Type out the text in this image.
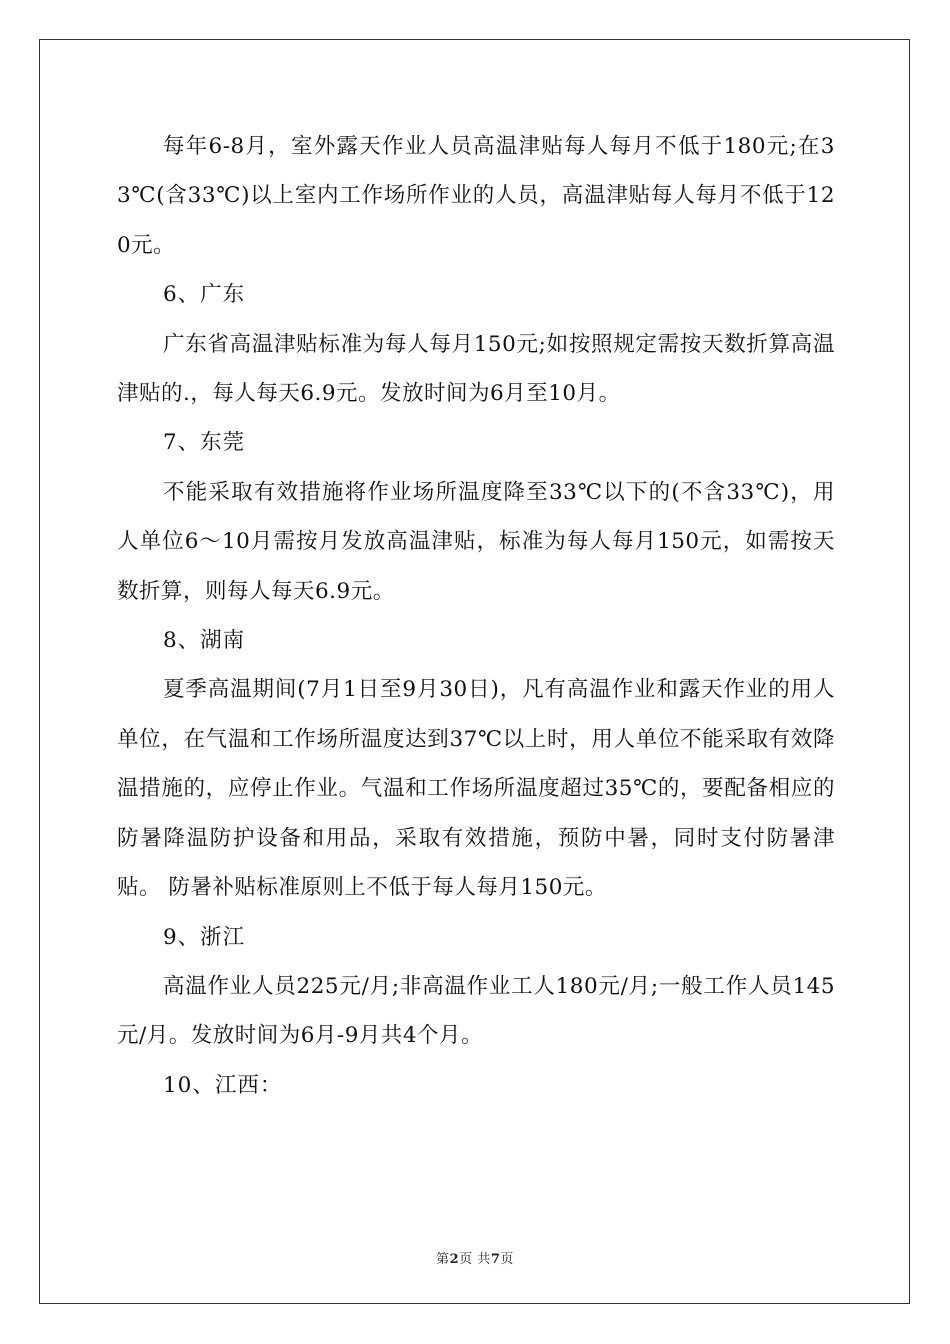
每年6-8月，室外露天作业人员高温津贴每人每月不低于180元;在33℃(含33℃)以上室内工作场所作业的人员，高温津贴每人每月不低于120元。

6、广东

广东省高温津贴标准为每人每月150元;如按照规定需按天数折算高温津贴的.，每人每天6.9元。发放时间为6月至10月。

7、东莞

不能采取有效措施将作业场所温度降至33℃以下的(不含33℃)，用人单位6～10月需按月发放高温津贴，标准为每人每月150元，如需按天数折算，则每人每天6.9元。

8、湖南

夏季高温期间(7月1日至9月30日)，凡有高温作业和露天作业的用人单位，在气温和工作场所温度达到37℃以上时，用人单位不能采取有效降温措施的，应停止作业。气温和工作场所温度超过35℃的，要配备相应的防暑降温防护设备和用品，采取有效措施，预防中暑，同时支付防暑津贴。 防暑补贴标准原则上不低于每人每月150元。

9、浙江

高温作业人员225元/月;非高温作业工人180元/月;一般工作人员145元/月。发放时间为6月-9月共4个月。

10、江西：

第2页 共7页
